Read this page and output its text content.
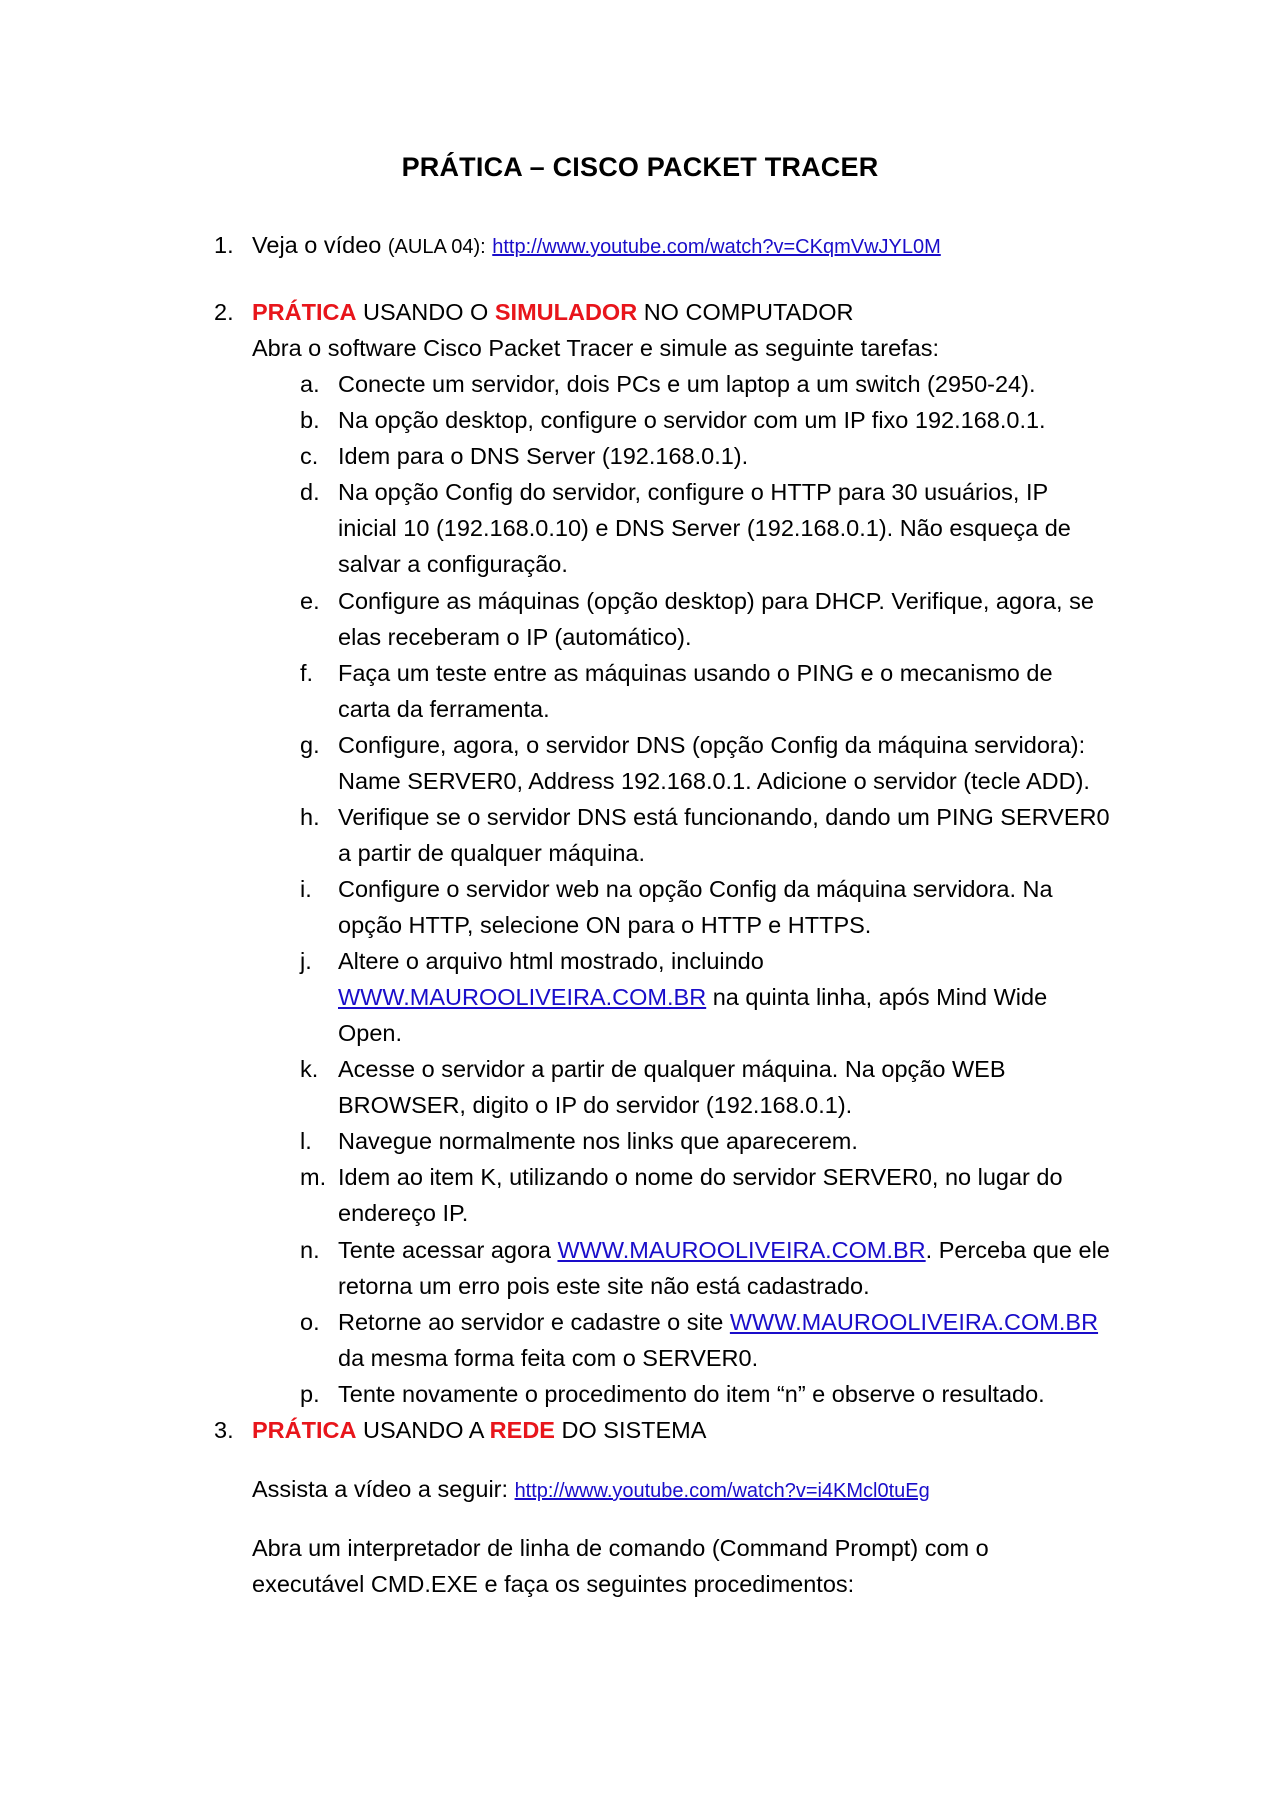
PRÁTICA – CISCO PACKET TRACER
1. Veja o vídeo (AULA 04): http://www.youtube.com/watch?v=CKqmVwJYL0M
2. PRÁTICA USANDO O SIMULADOR NO COMPUTADOR
Abra o software Cisco Packet Tracer e simule as seguinte tarefas:
a. Conecte um servidor, dois PCs e um laptop a um switch (2950-24).
b. Na opção desktop, configure o servidor com um IP fixo 192.168.0.1.
c. Idem para o DNS Server (192.168.0.1).
d. Na opção Config do servidor, configure o HTTP para 30 usuários, IP
inicial 10 (192.168.0.10) e DNS Server (192.168.0.1). Não esqueça de
salvar a configuração.
e. Configure as máquinas (opção desktop) para DHCP. Verifique, agora, se
elas receberam o IP (automático).
f. Faça um teste entre as máquinas usando o PING e o mecanismo de
carta da ferramenta.
g. Configure, agora, o servidor DNS (opção Config da máquina servidora):
Name SERVER0, Address 192.168.0.1. Adicione o servidor (tecle ADD).
h. Verifique se o servidor DNS está funcionando, dando um PING SERVER0
a partir de qualquer máquina.
i. Configure o servidor web na opção Config da máquina servidora. Na
opção HTTP, selecione ON para o HTTP e HTTPS.
j. Altere o arquivo html mostrado, incluindo
WWW.MAUROOLIVEIRA.COM.BR na quinta linha, após Mind Wide
Open.
k. Acesse o servidor a partir de qualquer máquina. Na opção WEB
BROWSER, digito o IP do servidor (192.168.0.1).
l. Navegue normalmente nos links que aparecerem.
m. Idem ao item K, utilizando o nome do servidor SERVER0, no lugar do
endereço IP.
n. Tente acessar agora WWW.MAUROOLIVEIRA.COM.BR. Perceba que ele
retorna um erro pois este site não está cadastrado.
o. Retorne ao servidor e cadastre o site WWW.MAUROOLIVEIRA.COM.BR
da mesma forma feita com o SERVER0.
p. Tente novamente o procedimento do item “n” e observe o resultado.
3. PRÁTICA USANDO A REDE DO SISTEMA
Assista a vídeo a seguir: http://www.youtube.com/watch?v=i4KMcl0tuEg
Abra um interpretador de linha de comando (Command Prompt) com o
executável CMD.EXE e faça os seguintes procedimentos:
